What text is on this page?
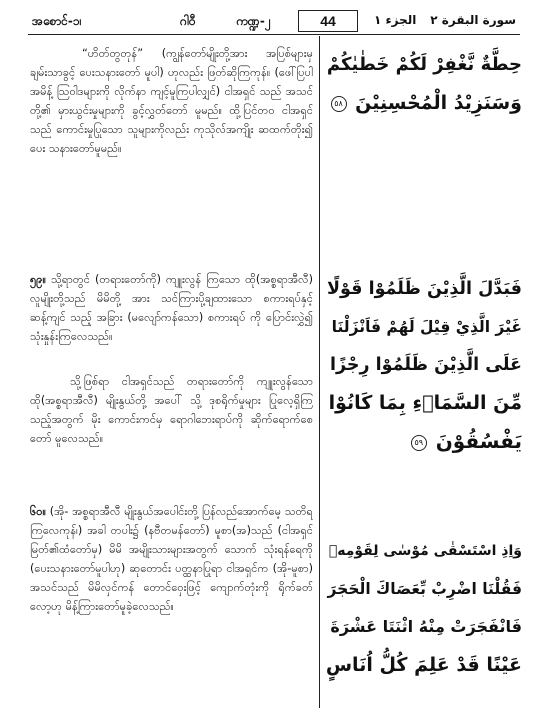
အစောင်-၁၊	ဂါဝီ	ကဏ္ဍ-၂	44	الجزء ١ سورة البقرة ٢
“ဟိတ်တွတုန်” (ကျွန်တော်မျိုးတို့အား အပြစ်များမှ ချမ်းသာခွင့် ပေးသနားတော် မူပါ) ဟုလည်း ဖြတ်ဆိုကြကုန်။ (ဖေါ်ပြပါ အမိန့် သြဝါဒများကို လိုက်နာ ကျင့်မူကြပါလျှင်) ငါအရှင် သည် အသင်တို့၏ မှားယွင်းမှုများကို ခွင့်လွှတ်တော် မူမည်။ ထို့ပြင်တဝ ငါအရှင်သည် ကောင်းမှုပြုသော သူများကိုလည်း ကုသိုလ်အကျိုး ဆထက်တိုး၍ ပေး သနားတော်မူမည်။
၅၉။ သို့ရာတွင် (တရားတော်ကို) ကျူးလွန် ကြသော ထို(အစ္စရာအီလီ) လူမျိုးတို့သည် မိမိတို့ အား သင်ကြားပို့ချထားသော စကားရပ်နှင့် ဆန့်ကျင် သည့် အခြား (မလျော်ကန်သော) စကားရပ် ကို ပြောင်းလွှဲ၍ သုံးနှုန်းကြလေသည်။
သို့ဖြစ်ရာ ငါအရှင်သည် တရားတော်ကို ကျူးလွန်သော ထို(အစ္စရာအီလီ) မျိုးနွယ်တို့ အပေါ် သို့ ဒုစရိုက်မှုများ ပြုလေ့ရှိကြ သည့်အတွက် မိုး ကောင်းကင်မှ ရောဂါဘေးရာပ်ကို ဆိုက်ရောက်စေတော် မူလေသည်။
၆၀။ (အို- အစ္စရာအီလီ မျိုးနွယ်အပေါင်းတို့ ပြန်လည်အောက်မေ့ သတိရကြလေကုန်၊) အခါ တပါး၌ (နဗီတမန်တော်) မူစာ(အ)သည် (ငါအရှင် မြတ်၏ထံတော်မှ) မိမိ အမျိုးသားများအတွက် သောက် သုံးရန်ရေကို (ပေးသနားတော်မူပါဟု) ဆုတောင်း ပတ္ထနာပြုရာ ငါအရှင်က (အို-မူစာ) အသင်သည် မိမိလှင်ကန် တောင်ဝှေးဖြင့် ကျောက်တုံးကို ရိုက်ခတ် လော့ဟု မိန့်ကြားတော်မူခဲ့လေသည်။
حِطَّةٌ نَّغْفِرْ لَكُمْ خَطٰيٰكُمْ
وَسَنَزِيْدُ الْمُحْسِنِيْنَ ٥٨
فَبَدَّلَ الَّذِيْنَ ظَلَمُوْا قَوْلًا
غَيْرَ الَّذِيْ قِيْلَ لَهُمْ فَاَنْزَلْنَا
عَلَى الَّذِيْنَ ظَلَمُوْا رِجْزًا
مِّنَ السَّمَاۤءِ بِمَا كَانُوْا
يَفْسُقُوْنَ ٥٩
وَاِذِ اسْتَسْقٰى مُوْسٰى لِقَوْمِهٖ
فَقُلْنَا اضْرِبْ بِّعَصَاكَ الْحَجَرَ
فَانْفَجَرَتْ مِنْهُ اثْنَتَا عَشْرَةَ
عَيْنًا قَدْ عَلِمَ كُلُّ اُنَاسٍ
